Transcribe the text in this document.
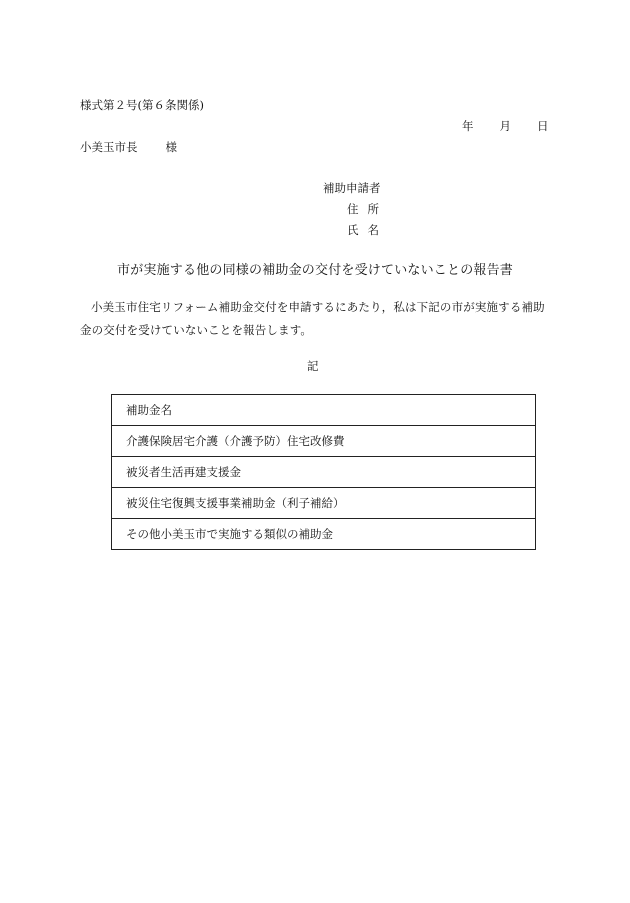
様式第２号(第６条関係)
年 月 日
小美玉市長 様
補助申請者
住 所
氏 名
市が実施する他の同様の補助金の交付を受けていないことの報告書
小美玉市住宅リフォーム補助金交付を申請するにあたり，私は下記の市が実施する補助金の交付を受けていないことを報告します。
記
補助金名
介護保険居宅介護（介護予防）住宅改修費
被災者生活再建支援金
被災住宅復興支援事業補助金（利子補給）
その他小美玉市で実施する類似の補助金
